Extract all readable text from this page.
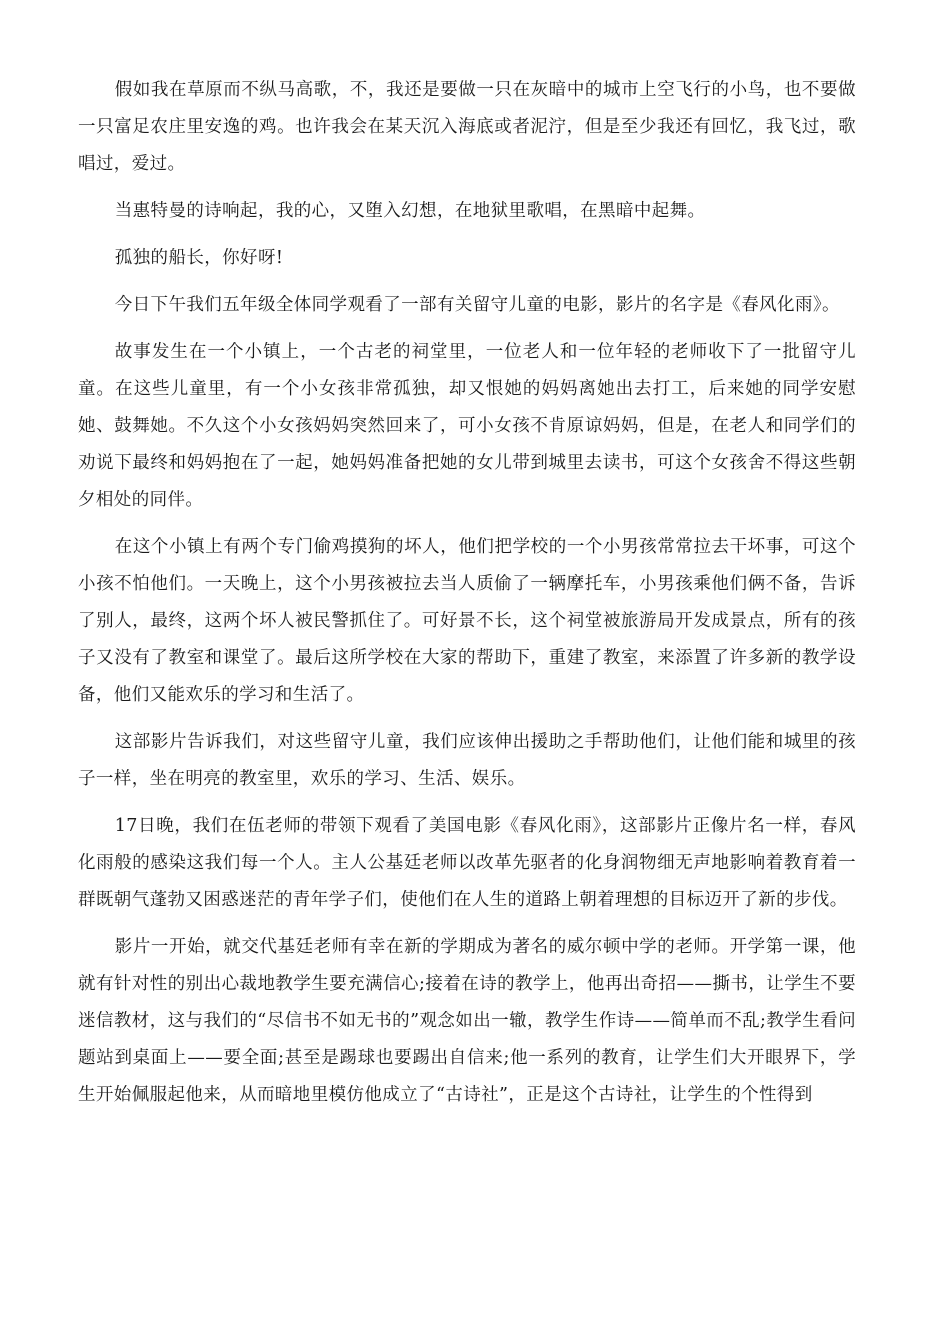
假如我在草原而不纵马高歌，不，我还是要做一只在灰暗中的城市上空飞行的小鸟，也不要做一只富足农庄里安逸的鸡。也许我会在某天沉入海底或者泥泞，但是至少我还有回忆，我飞过，歌唱过，爱过。

当惠特曼的诗响起，我的心，又堕入幻想，在地狱里歌唱，在黑暗中起舞。

孤独的船长，你好呀!

今日下午我们五年级全体同学观看了一部有关留守儿童的电影，影片的名字是《春风化雨》。

故事发生在一个小镇上，一个古老的祠堂里，一位老人和一位年轻的老师收下了一批留守儿童。在这些儿童里，有一个小女孩非常孤独，却又恨她的妈妈离她出去打工，后来她的同学安慰她、鼓舞她。不久这个小女孩妈妈突然回来了，可小女孩不肯原谅妈妈，但是，在老人和同学们的劝说下最终和妈妈抱在了一起，她妈妈准备把她的女儿带到城里去读书，可这个女孩舍不得这些朝夕相处的同伴。

在这个小镇上有两个专门偷鸡摸狗的坏人，他们把学校的一个小男孩常常拉去干坏事，可这个小孩不怕他们。一天晚上，这个小男孩被拉去当人质偷了一辆摩托车，小男孩乘他们俩不备，告诉了别人，最终，这两个坏人被民警抓住了。可好景不长，这个祠堂被旅游局开发成景点，所有的孩子又没有了教室和课堂了。最后这所学校在大家的帮助下，重建了教室，来添置了许多新的教学设备，他们又能欢乐的学习和生活了。

这部影片告诉我们，对这些留守儿童，我们应该伸出援助之手帮助他们，让他们能和城里的孩子一样，坐在明亮的教室里，欢乐的学习、生活、娱乐。

17日晚，我们在伍老师的带领下观看了美国电影《春风化雨》，这部影片正像片名一样，春风化雨般的感染这我们每一个人。主人公基廷老师以改革先驱者的化身润物细无声地影响着教育着一群既朝气蓬勃又困惑迷茫的青年学子们，使他们在人生的道路上朝着理想的目标迈开了新的步伐。

影片一开始，就交代基廷老师有幸在新的学期成为著名的威尔顿中学的老师。开学第一课，他就有针对性的别出心裁地教学生要充满信心;接着在诗的教学上，他再出奇招——撕书，让学生不要迷信教材，这与我们的“尽信书不如无书的”观念如出一辙，教学生作诗——简单而不乱;教学生看问题站到桌面上——要全面;甚至是踢球也要踢出自信来;他一系列的教育，让学生们大开眼界下，学生开始佩服起他来，从而暗地里模仿他成立了“古诗社”，正是这个古诗社，让学生的个性得到
